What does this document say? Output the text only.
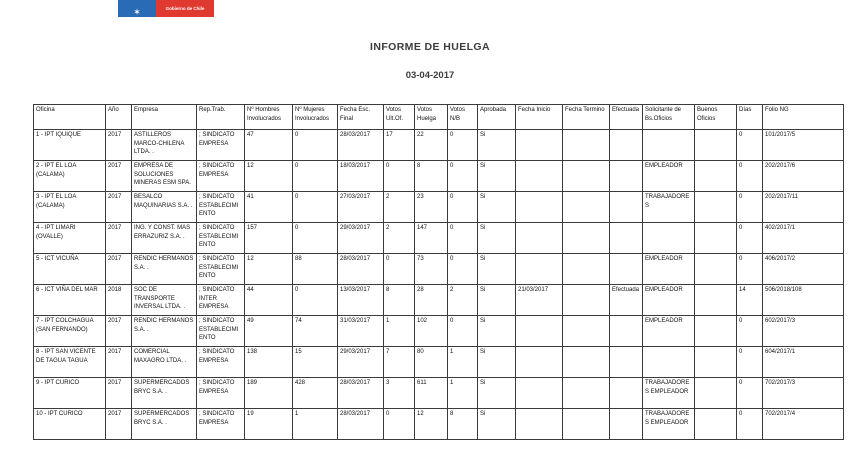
✶	Gobierno de Chile
INFORME DE HUELGA
03-04-2017
Oficina	Año	Empresa	Rep.Trab.	Nº Hombres Involucrados	Nº Mujeres Involucrados	Fecha Esc. Final	Votos Ult.Of.	Votos Huelga	Votos N/B	Aprobada	Fecha Inicio	Fecha Termino	Efectuada	Solicitante de Bs.Oficios	Buenos Oficios	Días	Folio NG
1 - IPT IQUIQUE	2017	ASTILLEROS MARCO-CHILENA LTDA. .	; SINDICATO EMPRESA	47	0	28/03/2017	17	22	0	Si						0	101/2017/5
2 - IPT EL LOA (CALAMA)	2017	EMPRESA DE SOLUCIONES MINERAS ESM SPA.	; SINDICATO EMPRESA	12	0	18/03/2017	0	8	0	Si				EMPLEADOR		0	202/2017/6
3 - IPT EL LOA (CALAMA)	2017	BESALCO MAQUINARIAS S.A. .	; SINDICATO ESTABLECIMIENTO	41	0	27/03/2017	2	23	0	Si				TRABAJADORES		0	202/2017/11
4 - IPT LIMARI (OVALLE)	2017	ING. Y CONST. MAS ERRAZURIZ S.A. .	; SINDICATO ESTABLECIMIENTO	157	0	29/03/2017	2	147	0	Si						0	402/2017/1
5 - ICT VICUÑA	2017	RENDIC HERMANOS S.A. .	; SINDICATO ESTABLECIMIENTO	12	88	28/03/2017	0	73	0	Si				EMPLEADOR		0	406/2017/2
6 - ICT VIÑA DEL MAR	2018	SOC DE TRANSPORTE INVERSAL LTDA. .	; SINDICATO INTER EMPRESA	44	0	13/03/2017	8	28	2	Si	21/03/2017		Efectuada	EMPLEADOR		14	506/2018/108
7 - IPT COLCHAGUA (SAN FERNANDO)	2017	RENDIC HERMANOS S.A. .	; SINDICATO ESTABLECIMIENTO	49	74	31/03/2017	1	102	0	Si				EMPLEADOR		0	602/2017/3
8 - IPT SAN VICENTE DE TAGUA TAGUA	2017	COMERCIAL MAXAGRO LTDA. .	; SINDICATO EMPRESA	138	15	29/03/2017	7	80	1	Si						0	604/2017/1
9 - IPT CURICO	2017	SUPERMERCADOS BRYC S.A. .	; SINDICATO EMPRESA	189	428	28/03/2017	3	611	1	Si				TRABAJADORES EMPLEADOR		0	702/2017/3
10 - IPT CURICO	2017	SUPERMERCADOS BRYC S.A. .	; SINDICATO EMPRESA	19	1	28/03/2017	0	12	8	Si				TRABAJADORES EMPLEADOR		0	702/2017/4
